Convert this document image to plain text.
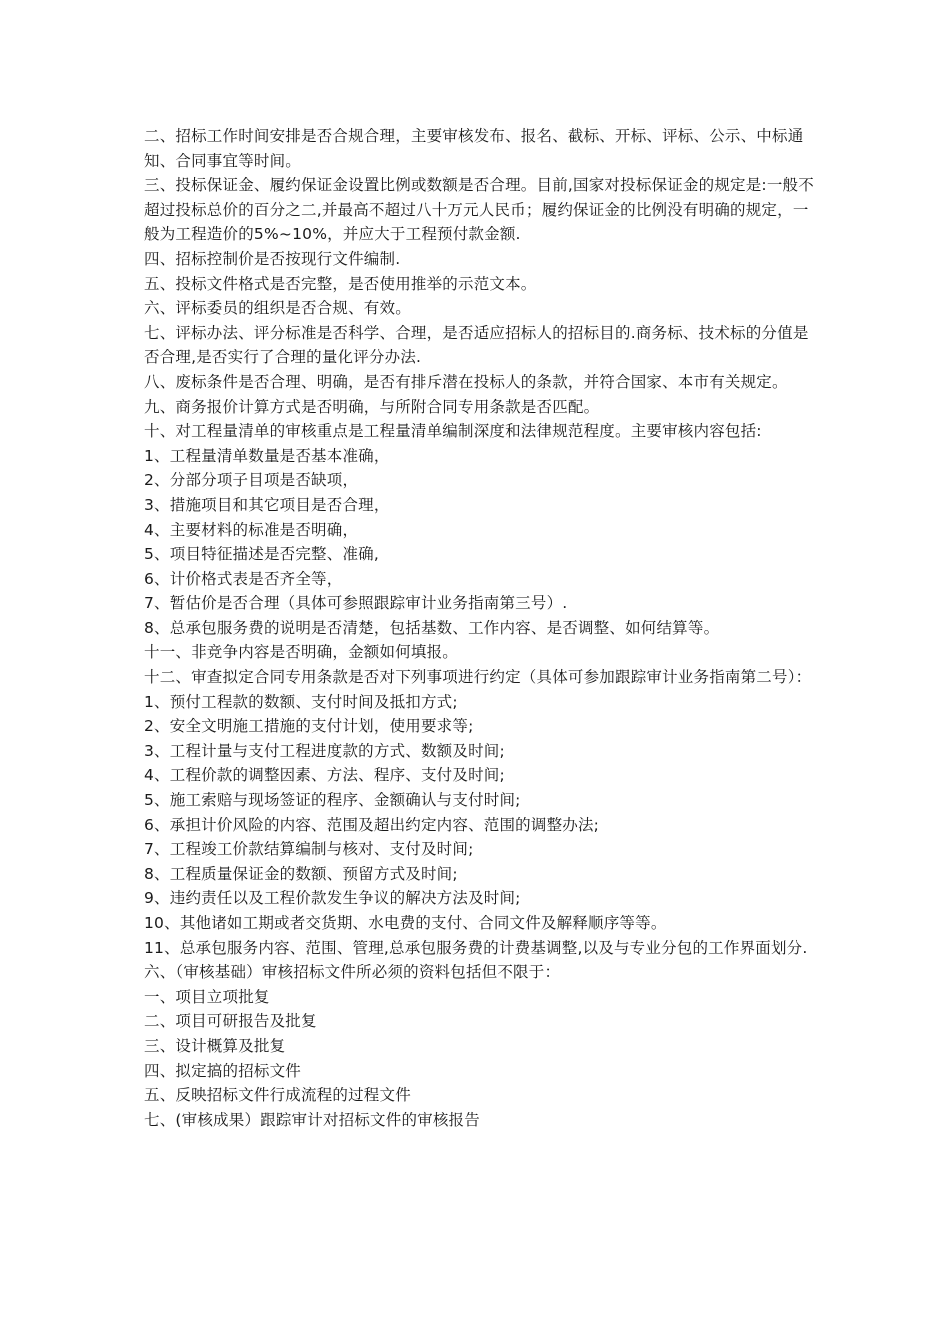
二、招标工作时间安排是否合规合理，主要审核发布、报名、截标、开标、评标、公示、中标通知、合同事宜等时间。

三、投标保证金、履约保证金设置比例或数额是否合理。目前,国家对投标保证金的规定是:一般不超过投标总价的百分之二,并最高不超过八十万元人民币；履约保证金的比例没有明确的规定，一般为工程造价的5%~10%，并应大于工程预付款金额.

四、招标控制价是否按现行文件编制.

五、投标文件格式是否完整，是否使用推举的示范文本。

六、评标委员的组织是否合规、有效。

七、评标办法、评分标准是否科学、合理，是否适应招标人的招标目的.商务标、技术标的分值是否合理,是否实行了合理的量化评分办法.

八、废标条件是否合理、明确，是否有排斥潜在投标人的条款，并符合国家、本市有关规定。

九、商务报价计算方式是否明确，与所附合同专用条款是否匹配。

十、对工程量清单的审核重点是工程量清单编制深度和法律规范程度。主要审核内容包括:

1、工程量清单数量是否基本准确，

2、分部分项子目项是否缺项，

3、措施项目和其它项目是否合理，

4、主要材料的标准是否明确，

5、项目特征描述是否完整、准确,

6、计价格式表是否齐全等，

7、暂估价是否合理（具体可参照跟踪审计业务指南第三号）.

8、总承包服务费的说明是否清楚，包括基数、工作内容、是否调整、如何结算等。

十一、非竞争内容是否明确，金额如何填报。

十二、审查拟定合同专用条款是否对下列事项进行约定（具体可参加跟踪审计业务指南第二号）：

1、预付工程款的数额、支付时间及抵扣方式;

2、安全文明施工措施的支付计划，使用要求等;

3、工程计量与支付工程进度款的方式、数额及时间;

4、工程价款的调整因素、方法、程序、支付及时间;

5、施工索赔与现场签证的程序、金额确认与支付时间;

6、承担计价风险的内容、范围及超出约定内容、范围的调整办法;

7、工程竣工价款结算编制与核对、支付及时间;

8、工程质量保证金的数额、预留方式及时间;

9、违约责任以及工程价款发生争议的解决方法及时间;

10、其他诸如工期或者交货期、水电费的支付、合同文件及解释顺序等等。

11、总承包服务内容、范围、管理,总承包服务费的计费基调整,以及与专业分包的工作界面划分.

六、（审核基础）审核招标文件所必须的资料包括但不限于：

一、项目立项批复

二、项目可研报告及批复

三、设计概算及批复

四、拟定搞的招标文件

五、反映招标文件行成流程的过程文件

七、(审核成果）跟踪审计对招标文件的审核报告
